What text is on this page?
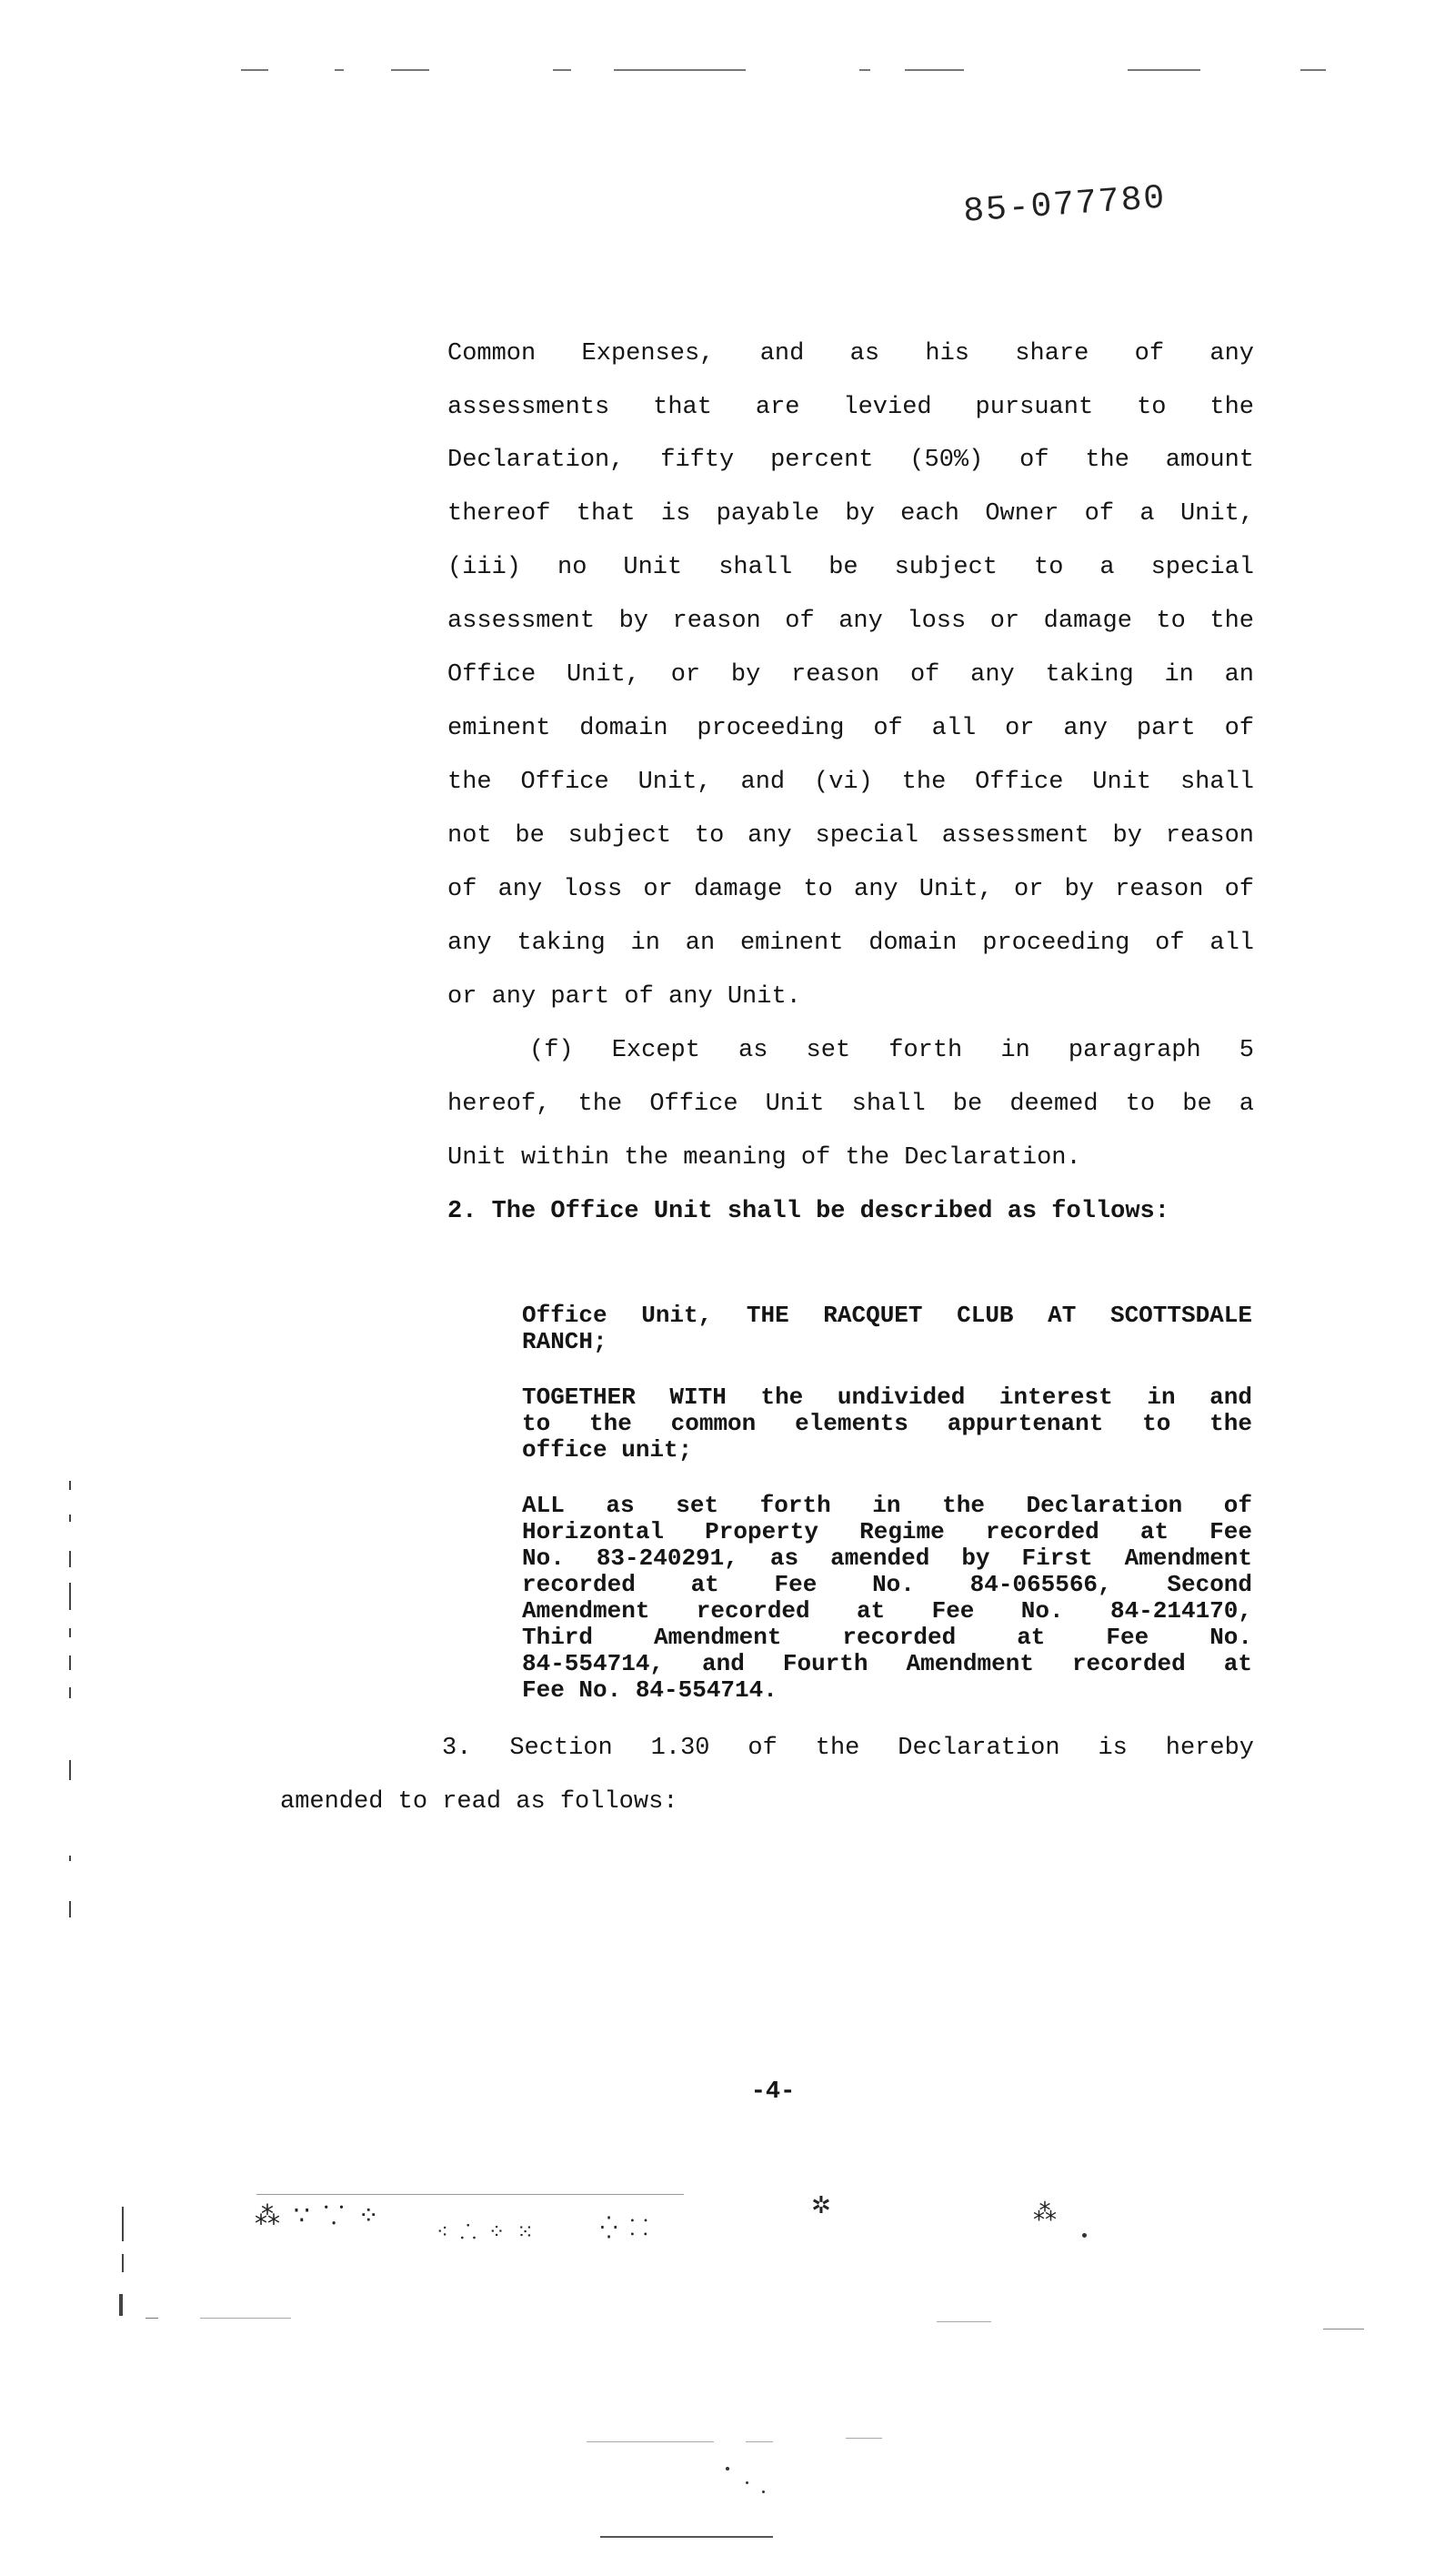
85-077780
Common Expenses, and as his share of any
assessments that are levied pursuant to the
Declaration, fifty percent (50%) of the amount
thereof that is payable by each Owner of a Unit,
(iii) no Unit shall be subject to a special
assessment by reason of any loss or damage to the
Office Unit, or by reason of any taking in an
eminent domain proceeding of all or any part of
the Office Unit, and (vi) the Office Unit shall
not be subject to any special assessment by reason
of any loss or damage to any Unit, or by reason of
any taking in an eminent domain proceeding of all
or any part of any Unit.
(f) Except as set forth in paragraph 5
hereof, the Office Unit shall be deemed to be a
Unit within the meaning of the Declaration.
2. The Office Unit shall be described as follows:
Office Unit, THE RACQUET CLUB AT SCOTTSDALE
RANCH;
TOGETHER WITH the undivided interest in and
to the common elements appurtenant to the
office unit;
ALL as set forth in the Declaration of
Horizontal Property Regime recorded at Fee
No. 83-240291, as amended by First Amendment
recorded at Fee No. 84-065566, Second
Amendment recorded at Fee No. 84-214170,
Third Amendment recorded at Fee No.
84-554714, and Fourth Amendment recorded at
Fee No. 84-554714.
3. Section 1.30 of the Declaration is hereby
amended to read as follows:
-4-
⁂ ∵ ⸪ ⁘
⁖ ⸫ ⁘ ⁙	⁛ ⸬
✲	⁂
